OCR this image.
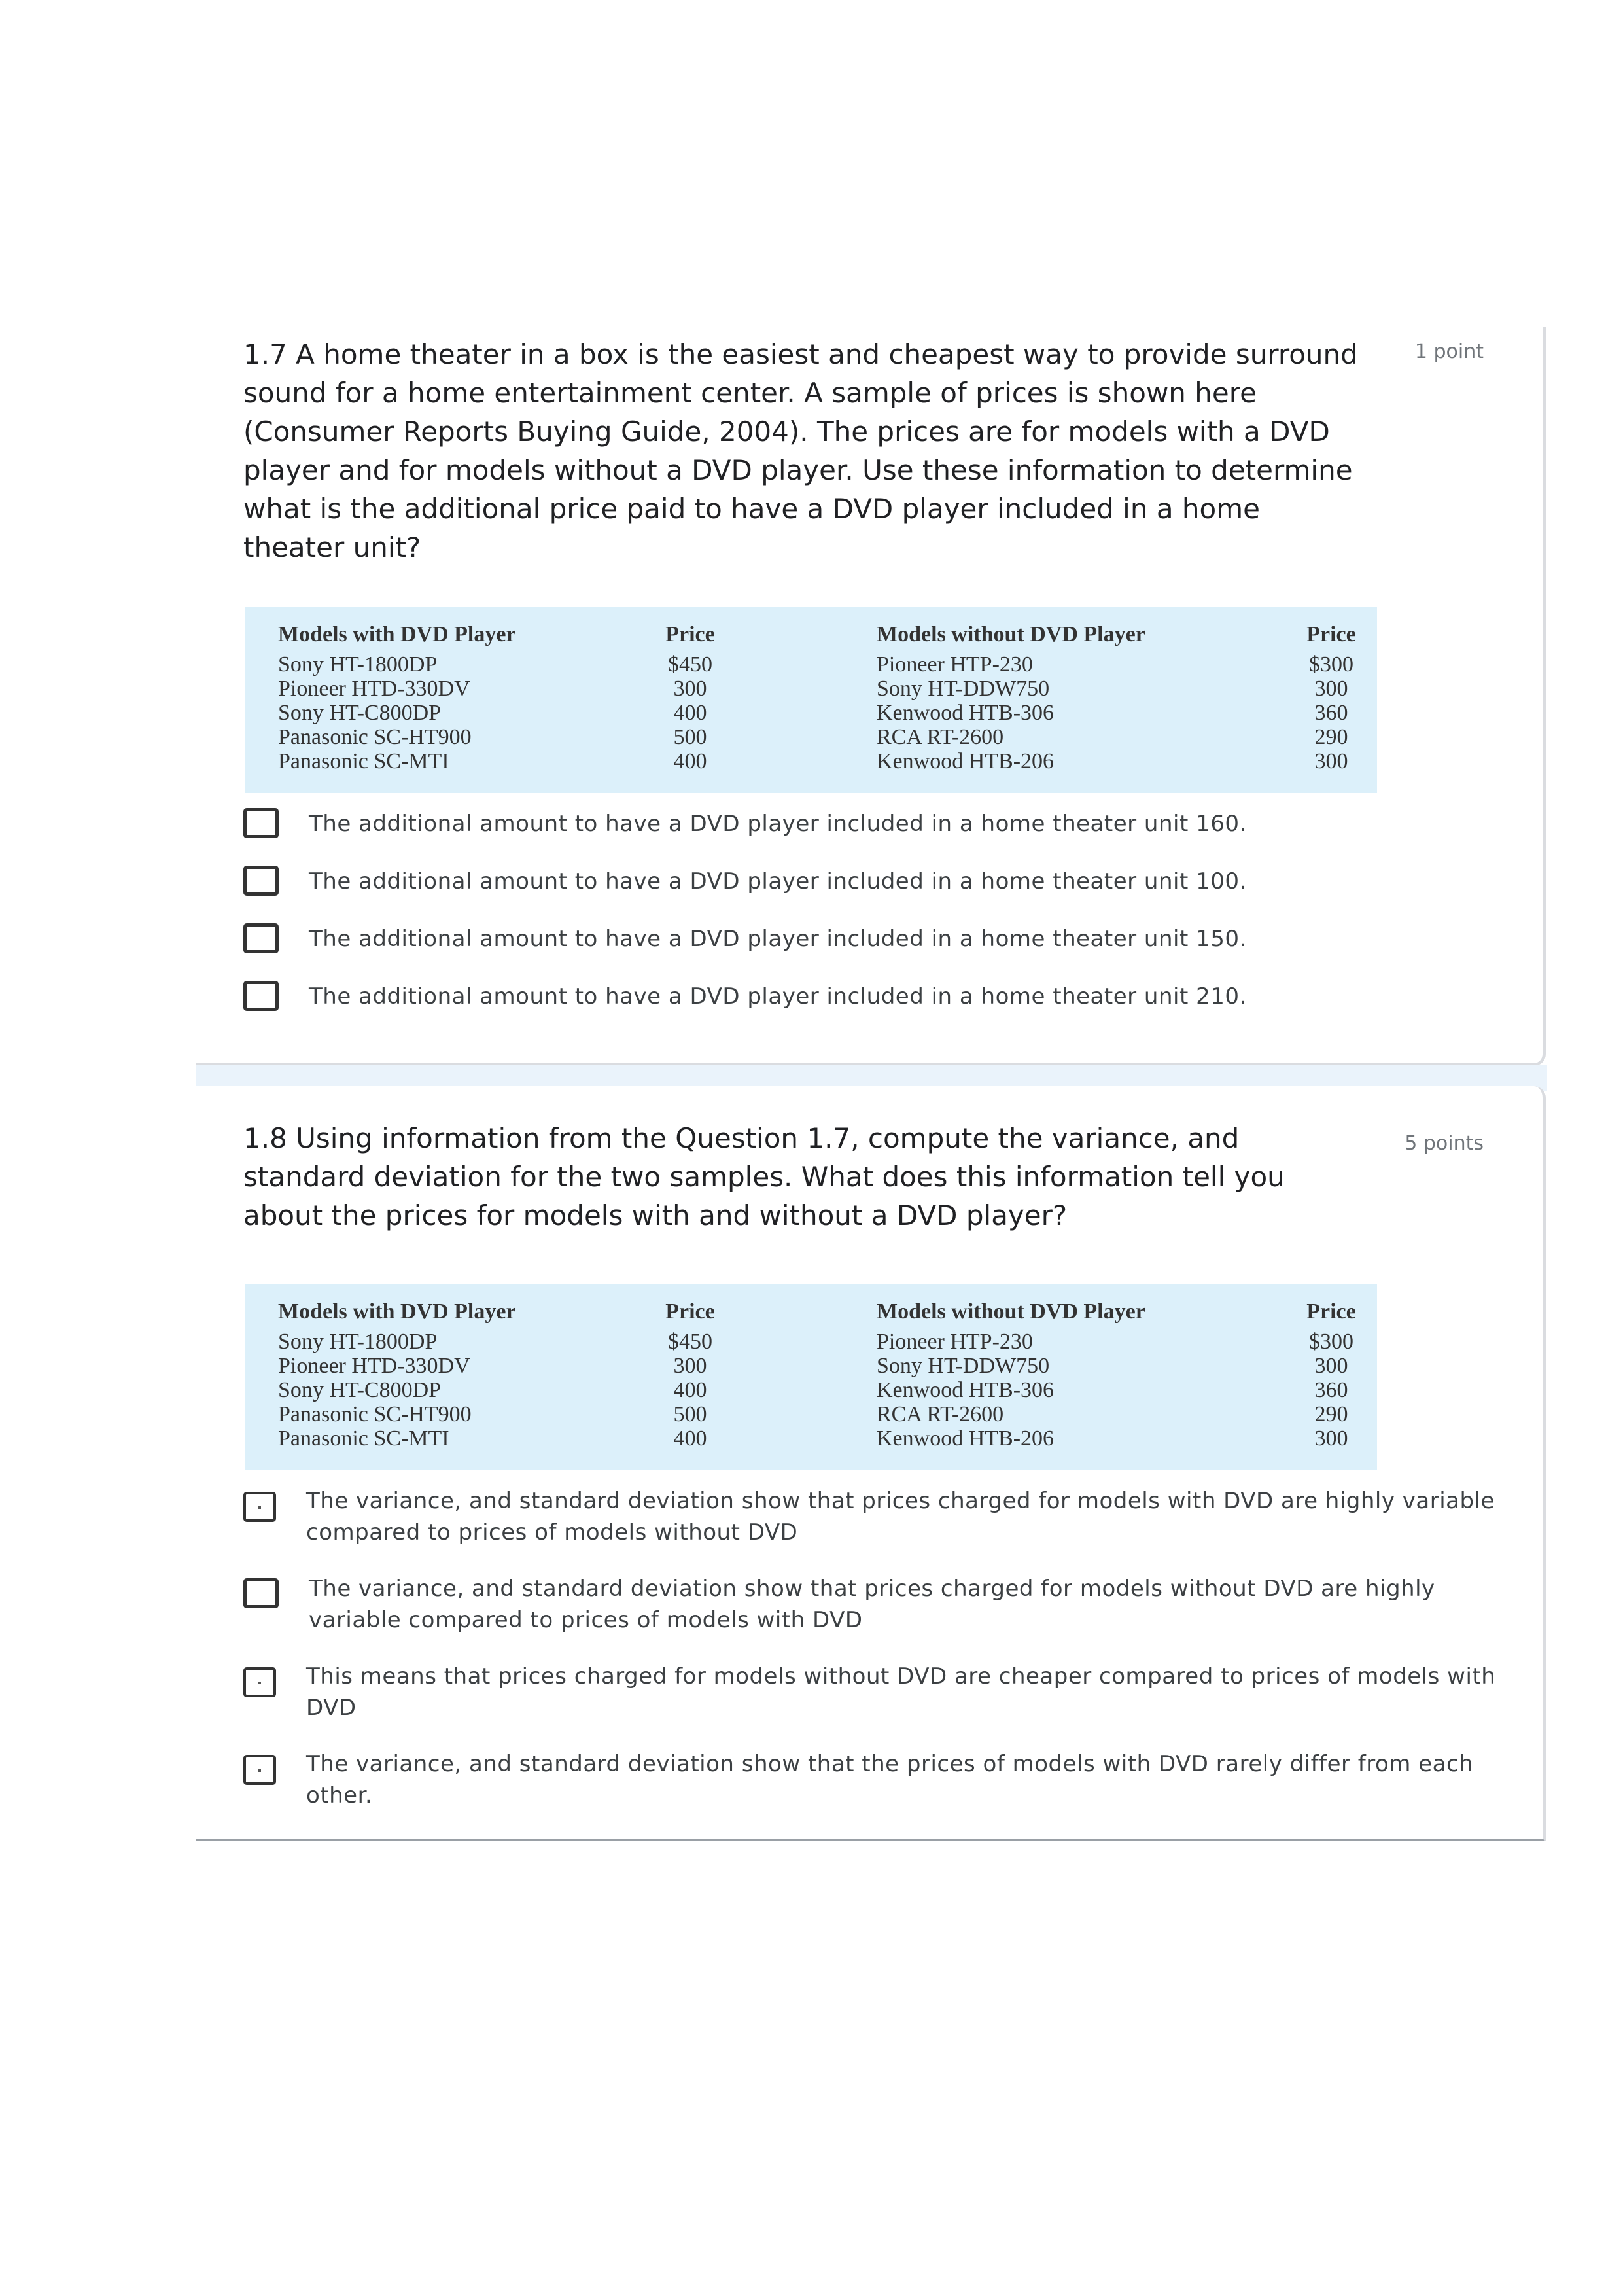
1.7 A home theater in a box is the easiest and cheapest way to provide surround sound for a home entertainment center. A sample of prices is shown here (Consumer Reports Buying Guide, 2004). The prices are for models with a DVD player and for models without a DVD player. Use these information to determine what is the additional price paid to have a DVD player included in a home theater unit?
1 point
Models with DVD Player
Sony HT-1800DP
Pioneer HTD-330DV
Sony HT-C800DP
Panasonic SC-HT900
Panasonic SC-MTI
Price
$450
300
400
500
400
Models without DVD Player
Pioneer HTP-230
Sony HT-DDW750
Kenwood HTB-306
RCA RT-2600
Kenwood HTB-206
Price
$300
300
360
290
300
The additional amount to have a DVD player included in a home theater unit 160.
The additional amount to have a DVD player included in a home theater unit 100.
The additional amount to have a DVD player included in a home theater unit 150.
The additional amount to have a DVD player included in a home theater unit 210.
1.8 Using information from the Question 1.7, compute the variance, and standard deviation for the two samples. What does this information tell you about the prices for models with and without a DVD player?
5 points
Models with DVD Player
Sony HT-1800DP
Pioneer HTD-330DV
Sony HT-C800DP
Panasonic SC-HT900
Panasonic SC-MTI
Price
$450
300
400
500
400
Models without DVD Player
Pioneer HTP-230
Sony HT-DDW750
Kenwood HTB-306
RCA RT-2600
Kenwood HTB-206
Price
$300
300
360
290
300
The variance, and standard deviation show that prices charged for models with DVD are highly variable compared to prices of models without DVD
The variance, and standard deviation show that prices charged for models without DVD are highly variable compared to prices of models with DVD
This means that prices charged for models without DVD are cheaper compared to prices of models with DVD
The variance, and standard deviation show that the prices of models with DVD rarely differ from each other.
